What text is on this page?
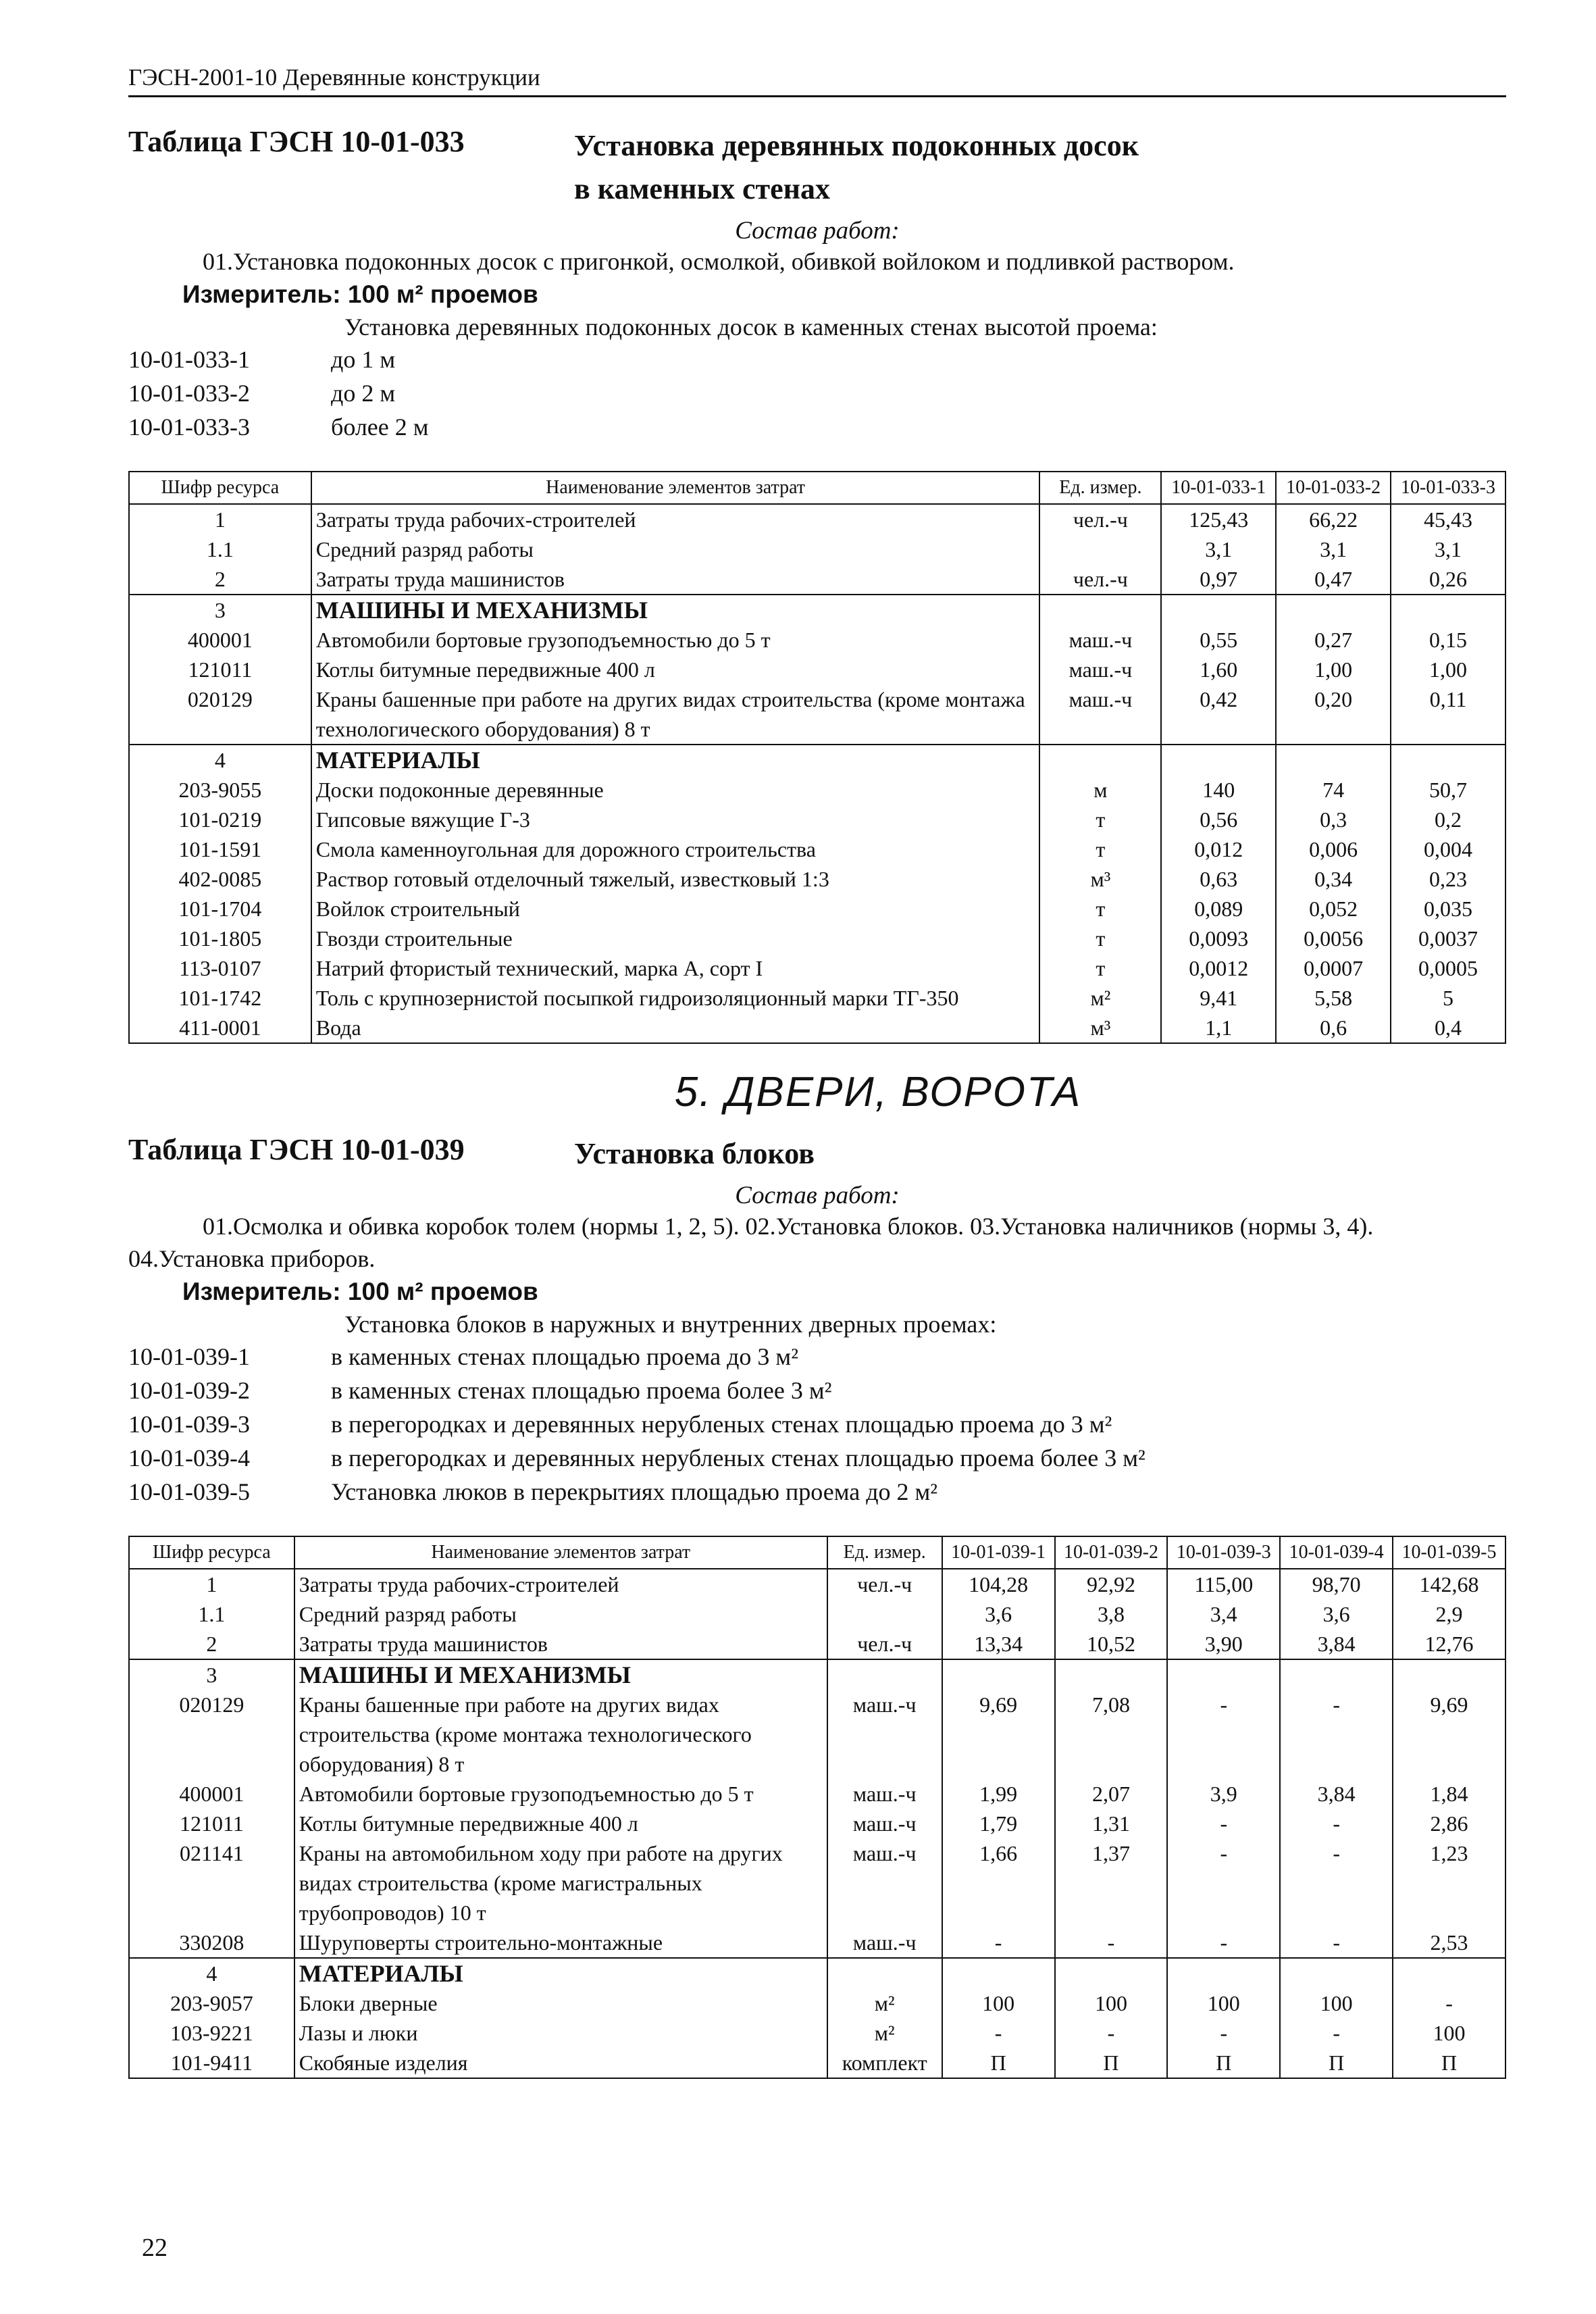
ГЭСН-2001-10 Деревянные конструкции
Таблица ГЭСН 10-01-033	Установка деревянных подоконных досок
в каменных стенах
Состав работ:
01.Установка подоконных досок с пригонкой, осмолкой, обивкой войлоком и подливкой раствором.
Измеритель: 100 м² проемов
Установка деревянных подоконных досок в каменных стенах высотой проема:
10-01-033-1	до 1 м
10-01-033-2	до 2 м
10-01-033-3	более 2 м
Шифр ресурса	Наименование элементов затрат	Ед. измер.	10-01-033-1	10-01-033-2	10-01-033-3
1	Затраты труда рабочих-строителей	чел.-ч	125,43	66,22	45,43
1.1	Средний разряд работы		3,1	3,1	3,1
2	Затраты труда машинистов	чел.-ч	0,97	0,47	0,26
3	МАШИНЫ И МЕХАНИЗМЫ				
400001	Автомобили бортовые грузоподъемностью до 5 т	маш.-ч	0,55	0,27	0,15
121011	Котлы битумные передвижные 400 л	маш.-ч	1,60	1,00	1,00
020129	Краны башенные при работе на других видах строительства (кроме монтажа технологического оборудования) 8 т	маш.-ч	0,42	0,20	0,11
4	МАТЕРИАЛЫ				
203-9055	Доски подоконные деревянные	м	140	74	50,7
101-0219	Гипсовые вяжущие Г-3	т	0,56	0,3	0,2
101-1591	Смола каменноугольная для дорожного строительства	т	0,012	0,006	0,004
402-0085	Раствор готовый отделочный тяжелый, известковый 1:3	м³	0,63	0,34	0,23
101-1704	Войлок строительный	т	0,089	0,052	0,035
101-1805	Гвозди строительные	т	0,0093	0,0056	0,0037
113-0107	Натрий фтористый технический, марка А, сорт I	т	0,0012	0,0007	0,0005
101-1742	Толь с крупнозернистой посыпкой гидроизоляционный марки ТГ-350	м²	9,41	5,58	5
411-0001	Вода	м³	1,1	0,6	0,4
5. ДВЕРИ, ВОРОТА
Таблица ГЭСН 10-01-039	Установка блоков
Состав работ:
01.Осмолка и обивка коробок толем (нормы 1, 2, 5). 02.Установка блоков. 03.Установка наличников (нормы 3, 4). 04.Установка приборов.
Измеритель: 100 м² проемов
Установка блоков в наружных и внутренних дверных проемах:
10-01-039-1	в каменных стенах площадью проема до 3 м²
10-01-039-2	в каменных стенах площадью проема более 3 м²
10-01-039-3	в перегородках и деревянных нерубленых стенах площадью проема до 3 м²
10-01-039-4	в перегородках и деревянных нерубленых стенах площадью проема более 3 м²
10-01-039-5	Установка люков в перекрытиях площадью проема до 2 м²
Шифр ресурса	Наименование элементов затрат	Ед. измер.	10-01-039-1	10-01-039-2	10-01-039-3	10-01-039-4	10-01-039-5
1	Затраты труда рабочих-строителей	чел.-ч	104,28	92,92	115,00	98,70	142,68
1.1	Средний разряд работы		3,6	3,8	3,4	3,6	2,9
2	Затраты труда машинистов	чел.-ч	13,34	10,52	3,90	3,84	12,76
3	МАШИНЫ И МЕХАНИЗМЫ						
020129	Краны башенные при работе на других видах строительства (кроме монтажа технологического оборудования) 8 т	маш.-ч	9,69	7,08	-	-	9,69
400001	Автомобили бортовые грузоподъемностью до 5 т	маш.-ч	1,99	2,07	3,9	3,84	1,84
121011	Котлы битумные передвижные 400 л	маш.-ч	1,79	1,31	-	-	2,86
021141	Краны на автомобильном ходу при работе на других видах строительства (кроме магистральных трубопроводов) 10 т	маш.-ч	1,66	1,37	-	-	1,23
330208	Шуруповерты строительно-монтажные	маш.-ч	-	-	-	-	2,53
4	МАТЕРИАЛЫ						
203-9057	Блоки дверные	м²	100	100	100	100	-
103-9221	Лазы и люки	м²	-	-	-	-	100
101-9411	Скобяные изделия	комплект	П	П	П	П	П
22
